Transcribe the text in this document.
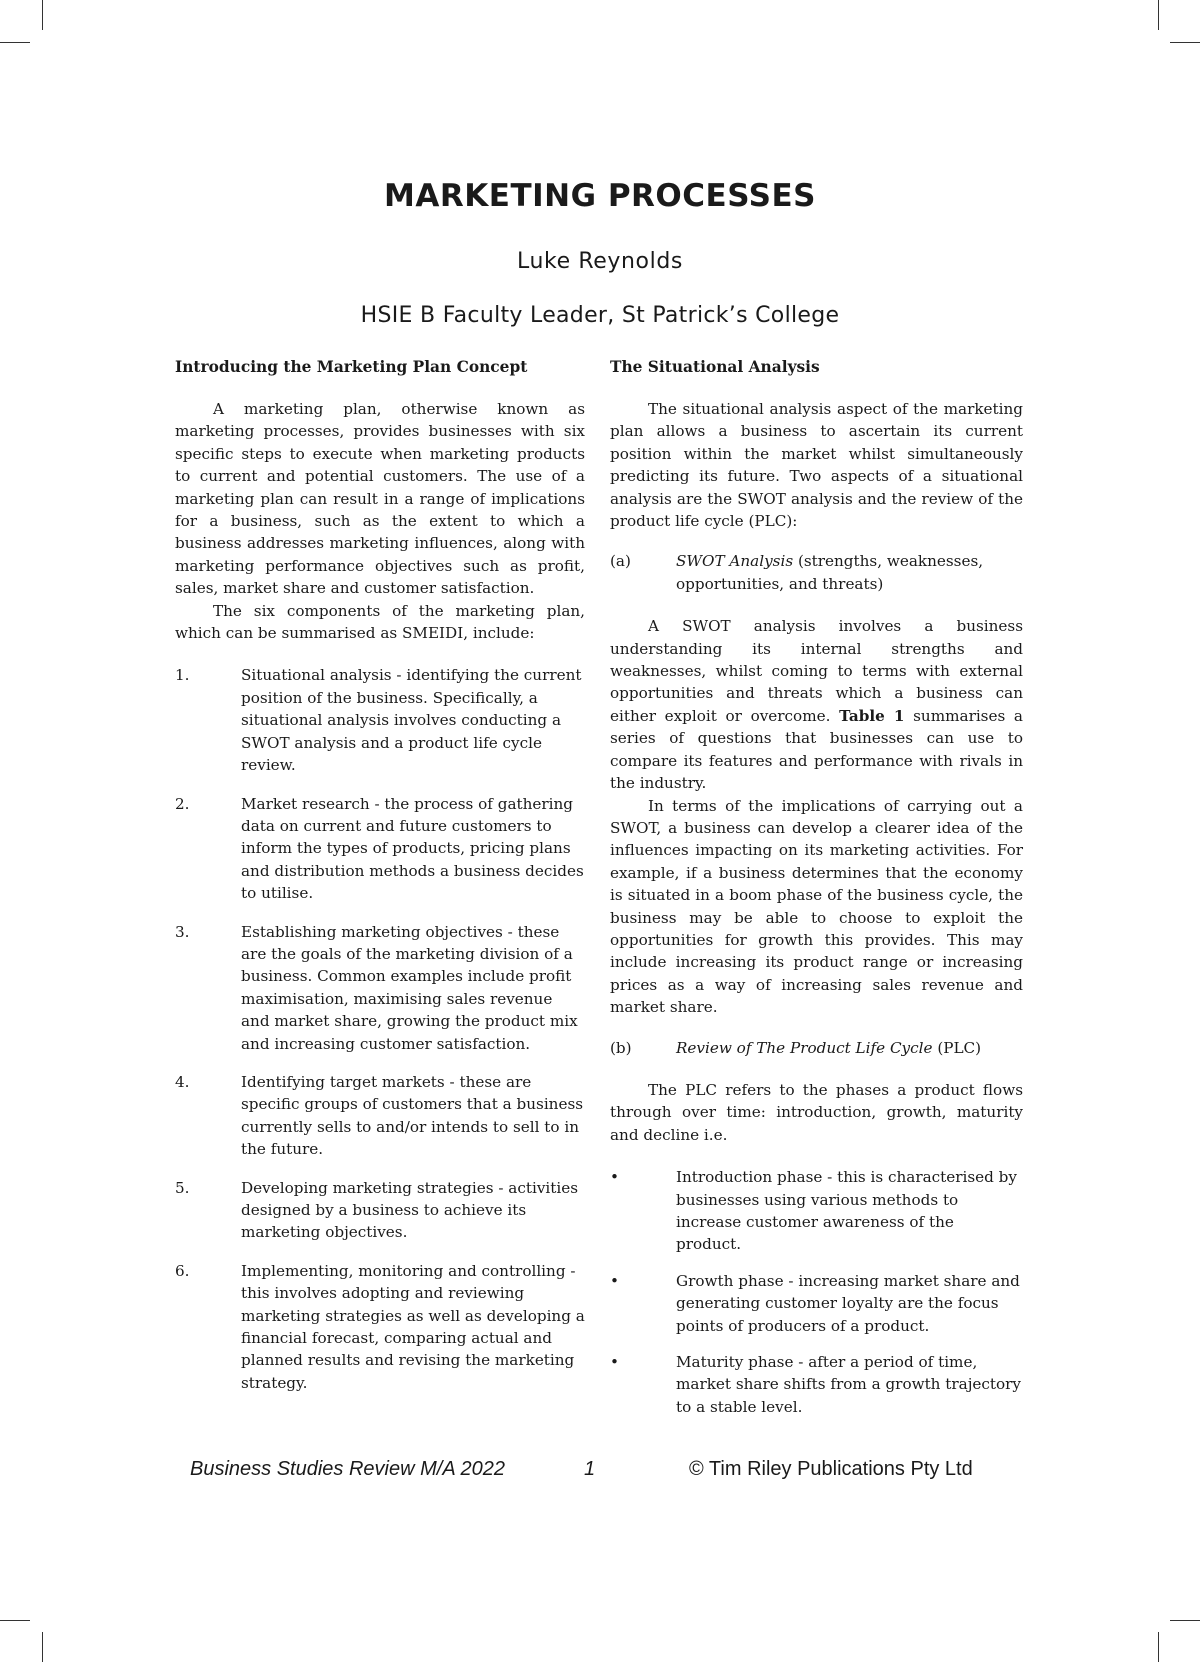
MARKETING PROCESSES
Luke Reynolds
HSIE B Faculty Leader, St Patrick’s College
Introducing the Marketing Plan Concept

A marketing plan, otherwise known as marketing processes, provides businesses with six specific steps to execute when marketing products to current and potential customers. The use of a marketing plan can result in a range of implications for a business, such as the extent to which a business addresses marketing influences, along with marketing performance objectives such as profit, sales, market share and customer satisfaction.

The six components of the marketing plan, which can be summarised as SMEIDI, include:

1.	Situational analysis - identifying the current position of the business. Specifically, a situational analysis involves conducting a SWOT analysis and a product life cycle review.
2.	Market research - the process of gathering data on current and future customers to inform the types of products, pricing plans and distribution methods a business decides to utilise.
3.	Establishing marketing objectives - these are the goals of the marketing division of a business. Common examples include profit maximisation, maximising sales revenue and market share, growing the product mix and increasing customer satisfaction.
4.	Identifying target markets - these are specific groups of customers that a business currently sells to and/or intends to sell to in the future.
5.	Developing marketing strategies - activities designed by a business to achieve its marketing objectives.
6.	Implementing, monitoring and controlling - this involves adopting and reviewing marketing strategies as well as developing a financial forecast, comparing actual and planned results and revising the marketing strategy.
The Situational Analysis

The situational analysis aspect of the marketing plan allows a business to ascertain its current position within the market whilst simultaneously predicting its future. Two aspects of a situational analysis are the SWOT analysis and the review of the product life cycle (PLC):

(a)	SWOT Analysis (strengths, weaknesses, opportunities, and threats)

A SWOT analysis involves a business understanding its internal strengths and weaknesses, whilst coming to terms with external opportunities and threats which a business can either exploit or overcome. Table 1 summarises a series of questions that businesses can use to compare its features and performance with rivals in the industry.

In terms of the implications of carrying out a SWOT, a business can develop a clearer idea of the influences impacting on its marketing activities. For example, if a business determines that the economy is situated in a boom phase of the business cycle, the business may be able to choose to exploit the opportunities for growth this provides. This may include increasing its product range or increasing prices as a way of increasing sales revenue and market share.

(b)	Review of The Product Life Cycle (PLC)

The PLC refers to the phases a product flows through over time: introduction, growth, maturity and decline i.e.

•	Introduction phase - this is characterised by businesses using various methods to increase customer awareness of the product.
•	Growth phase - increasing market share and generating customer loyalty are the focus points of producers of a product.
•	Maturity phase - after a period of time, market share shifts from a growth trajectory to a stable level.
Business Studies Review M/A 2022	1	© Tim Riley Publications Pty Ltd
